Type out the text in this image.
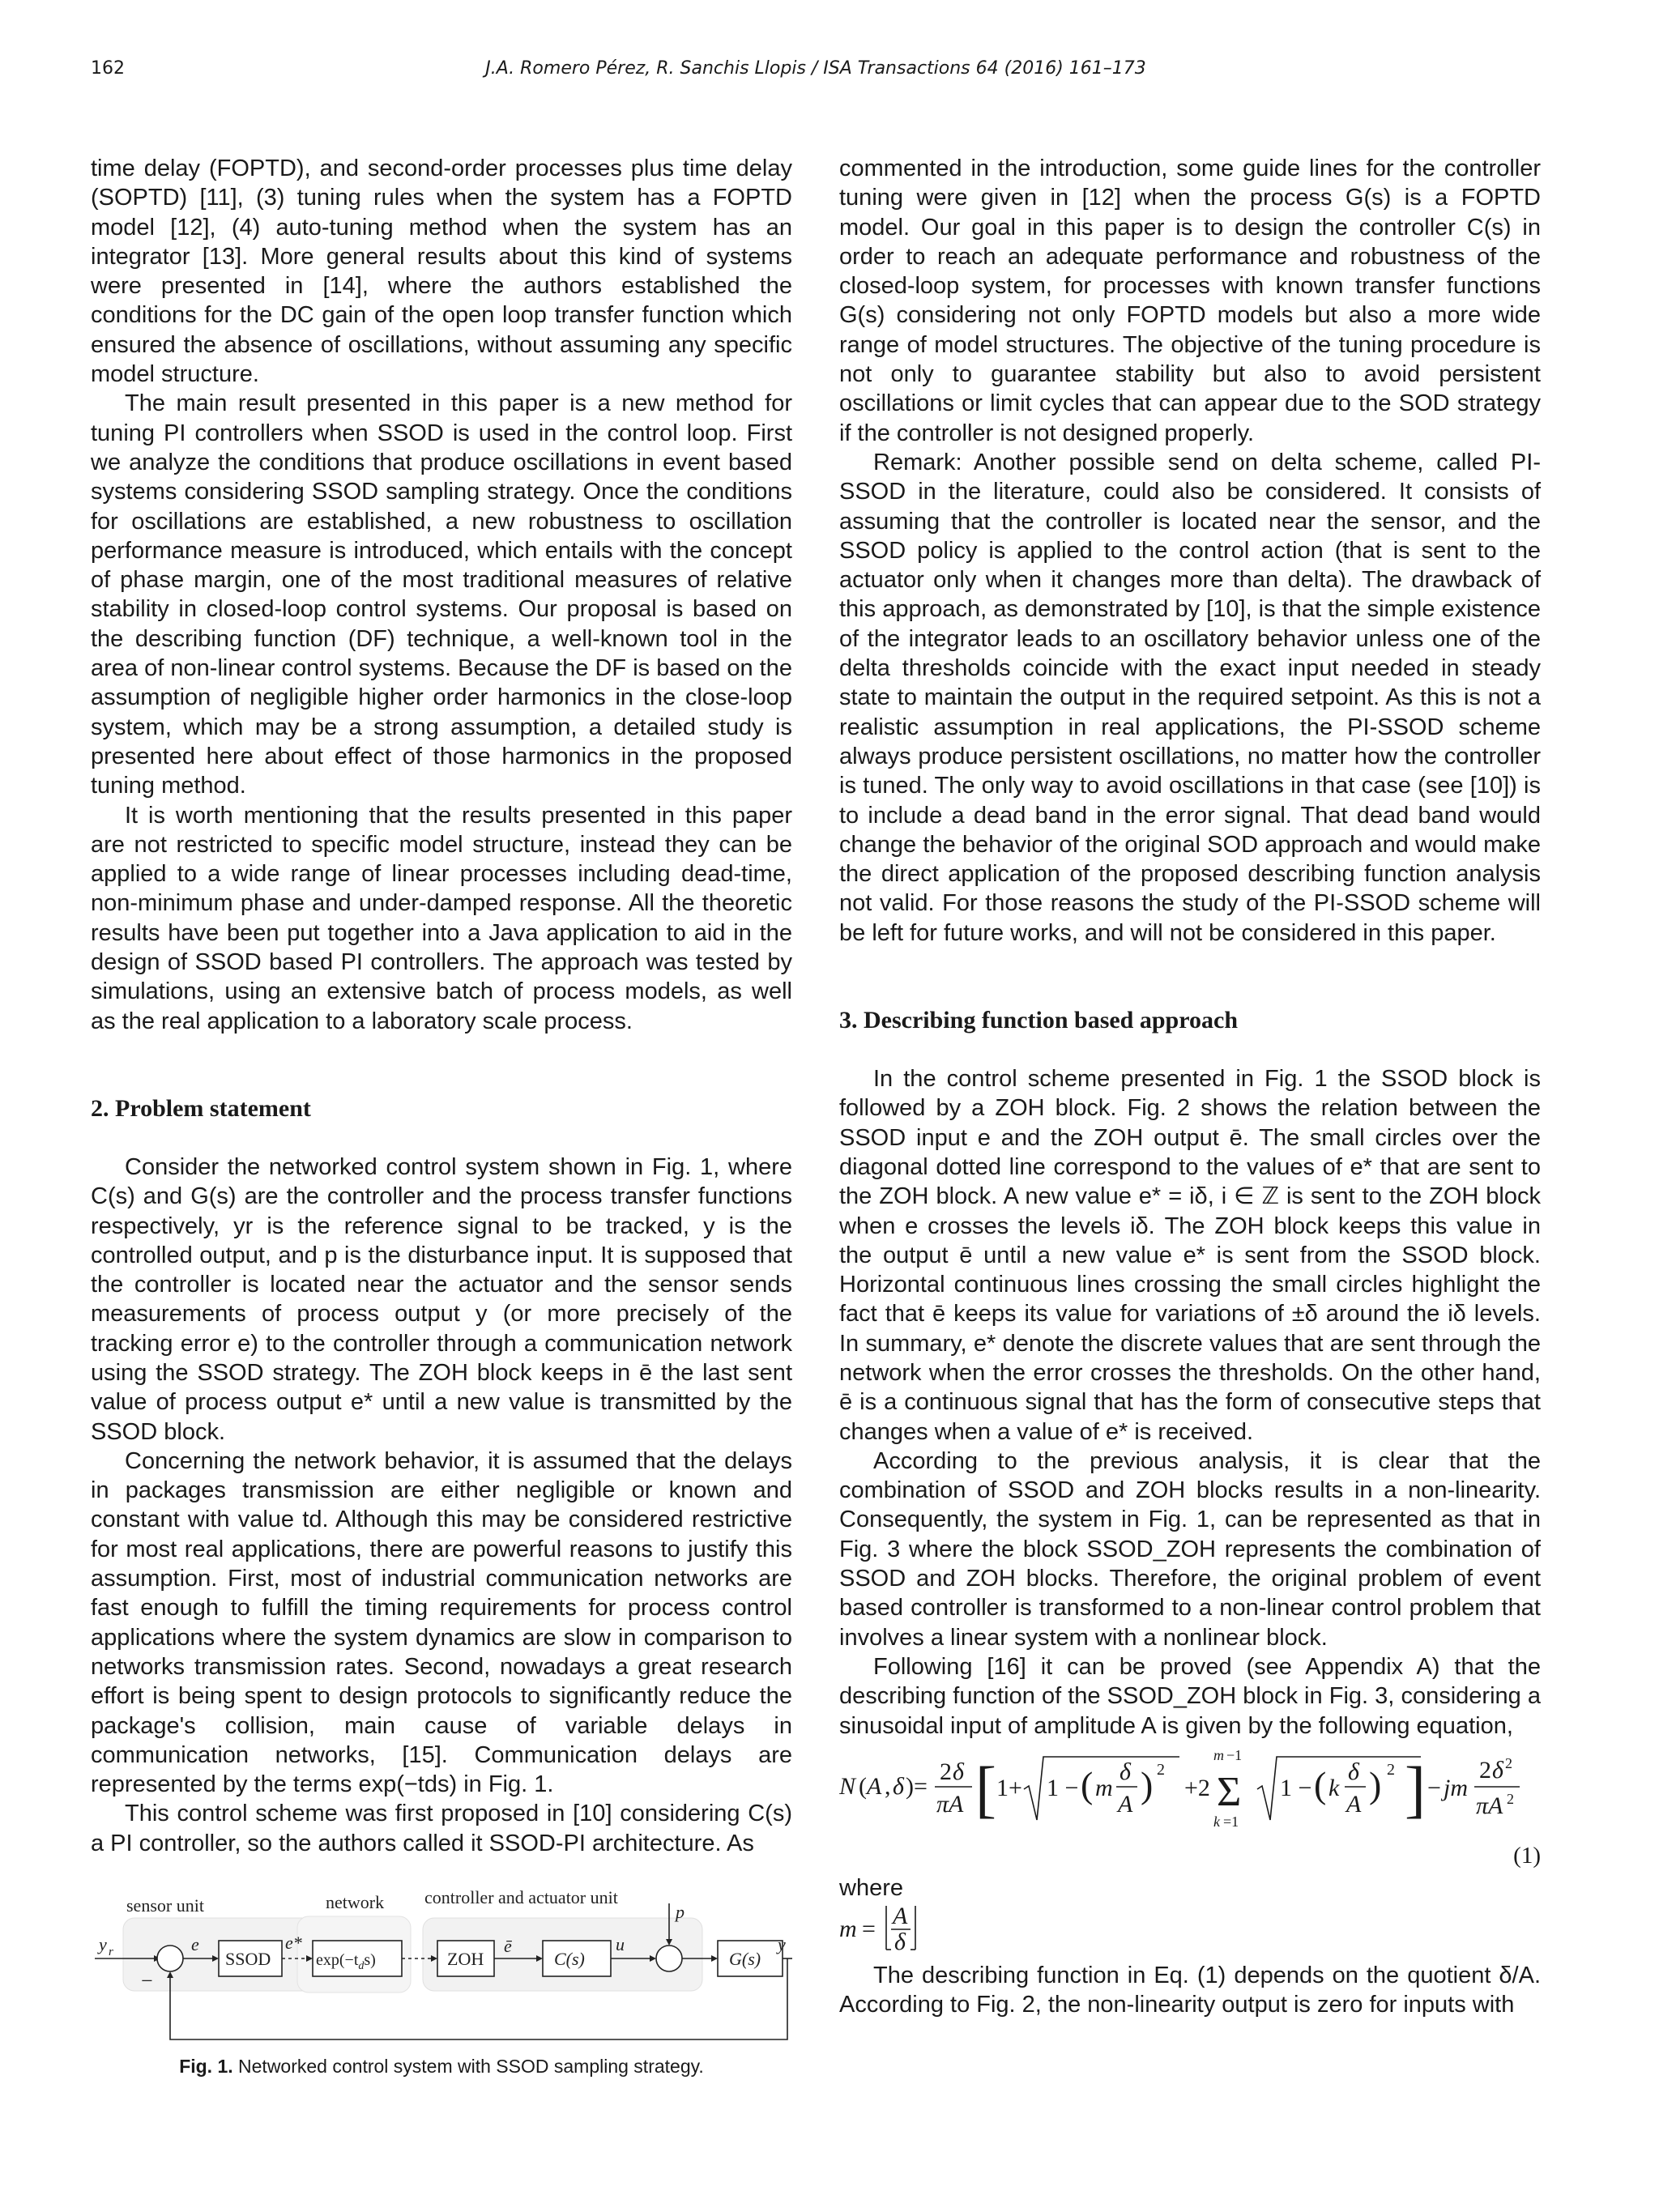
162	J.A. Romero Pérez, R. Sanchis Llopis / ISA Transactions 64 (2016) 161–173

time delay (FOPTD), and second-order processes plus time delay (SOPTD) [11], (3) tuning rules when the system has a FOPTD model [12], (4) auto-tuning method when the system has an integrator [13]. More general results about this kind of systems were presented in [14], where the authors established the conditions for the DC gain of the open loop transfer function which ensured the absence of oscillations, without assuming any specific model structure.

The main result presented in this paper is a new method for tuning PI controllers when SSOD is used in the control loop. First we analyze the conditions that produce oscillations in event based systems considering SSOD sampling strategy. Once the conditions for oscillations are established, a new robustness to oscillation performance measure is introduced, which entails with the concept of phase margin, one of the most traditional measures of relative stability in closed-loop control systems. Our proposal is based on the describing function (DF) technique, a well-known tool in the area of non-linear control systems. Because the DF is based on the assumption of negligible higher order harmonics in the close-loop system, which may be a strong assumption, a detailed study is presented here about effect of those harmonics in the proposed tuning method.

It is worth mentioning that the results presented in this paper are not restricted to specific model structure, instead they can be applied to a wide range of linear processes including dead-time, non-minimum phase and under-damped response. All the theoretic results have been put together into a Java application to aid in the design of SSOD based PI controllers. The approach was tested by simulations, using an extensive batch of process models, as well as the real application to a laboratory scale process.

2. Problem statement

Consider the networked control system shown in Fig. 1, where C(s) and G(s) are the controller and the process transfer functions respectively, yr is the reference signal to be tracked, y is the controlled output, and p is the disturbance input. It is supposed that the controller is located near the actuator and the sensor sends measurements of process output y (or more precisely of the tracking error e) to the controller through a communication network using the SSOD strategy. The ZOH block keeps in ē the last sent value of process output e* until a new value is transmitted by the SSOD block.

Concerning the network behavior, it is assumed that the delays in packages transmission are either negligible or known and constant with value td. Although this may be considered restrictive for most real applications, there are powerful reasons to justify this assumption. First, most of industrial communication networks are fast enough to fulfill the timing requirements for process control applications where the system dynamics are slow in comparison to networks transmission rates. Second, nowadays a great research effort is being spent to design protocols to significantly reduce the package's collision, main cause of variable delays in communication networks, [15]. Communication delays are represented by the terms exp(−tds) in Fig. 1.

This control scheme was first proposed in [10] considering C(s) a PI controller, so the authors called it SSOD-PI architecture. As

sensor unit	network controller and actuator unit
y r
−
e
SSOD
e*
$\exp(-t_ds)$	ZOH
ē
C(s)
u
p
G(s)
y
Fig. 1. Networked control system with SSOD sampling strategy.

commented in the introduction, some guide lines for the controller tuning were given in [12] when the process G(s) is a FOPTD model. Our goal in this paper is to design the controller C(s) in order to reach an adequate performance and robustness of the closed-loop system, for processes with known transfer functions G(s) considering not only FOPTD models but also a more wide range of model structures. The objective of the tuning procedure is not only to guarantee stability but also to avoid persistent oscillations or limit cycles that can appear due to the SOD strategy if the controller is not designed properly.

Remark: Another possible send on delta scheme, called PI-SSOD in the literature, could also be considered. It consists of assuming that the controller is located near the sensor, and the SSOD policy is applied to the control action (that is sent to the actuator only when it changes more than delta). The drawback of this approach, as demonstrated by [10], is that the simple existence of the integrator leads to an oscillatory behavior unless one of the delta thresholds coincide with the exact input needed in steady state to maintain the output in the required setpoint. As this is not a realistic assumption in real applications, the PI-SSOD scheme always produce persistent oscillations, no matter how the controller is tuned. The only way to avoid oscillations in that case (see [10]) is to include a dead band in the error signal. That dead band would change the behavior of the original SOD approach and would make the direct application of the proposed describing function analysis not valid. For those reasons the study of the PI-SSOD scheme will be left for future works, and will not be considered in this paper.

3. Describing function based approach

In the control scheme presented in Fig. 1 the SSOD block is followed by a ZOH block. Fig. 2 shows the relation between the SSOD input e and the ZOH output ē. The small circles over the diagonal dotted line correspond to the values of e* that are sent to the ZOH block. A new value e* = iδ, i ∈ ℤ is sent to the ZOH block when e crosses the levels iδ. The ZOH block keeps this value in the output ē until a new value e* is sent from the SSOD block. Horizontal continuous lines crossing the small circles highlight the fact that ē keeps its value for variations of ±δ around the iδ levels. In summary, e* denote the discrete values that are sent through the network when the error crosses the thresholds. On the other hand, ē is a continuous signal that has the form of consecutive steps that changes when a value of e* is received.

According to the previous analysis, it is clear that the combination of SSOD and ZOH blocks results in a non-linearity. Consequently, the system in Fig. 1, can be represented as that in Fig. 3 where the block SSOD_ZOH represents the combination of SSOD and ZOH blocks. Therefore, the original problem of event based controller is transformed to a non-linear control problem that involves a linear system with a nonlinear block.

Following [16] it can be proved (see Appendix A) that the describing function of the SSOD_ZOH block in Fig. 3, considering a sinusoidal input of amplitude A is given by the following equation,

N ( A , δ )=
2 δ
πA [ 1+ 1 − ( m
δ
A ) 2
+2 Σ
m −1
k =1
1 − ( k
δ
A ) 2 ] − jm
2 δ 2
πA 2
(1)

where

m = A
δ

The describing function in Eq. (1) depends on the quotient δ/A. According to Fig. 2, the non-linearity output is zero for inputs with
